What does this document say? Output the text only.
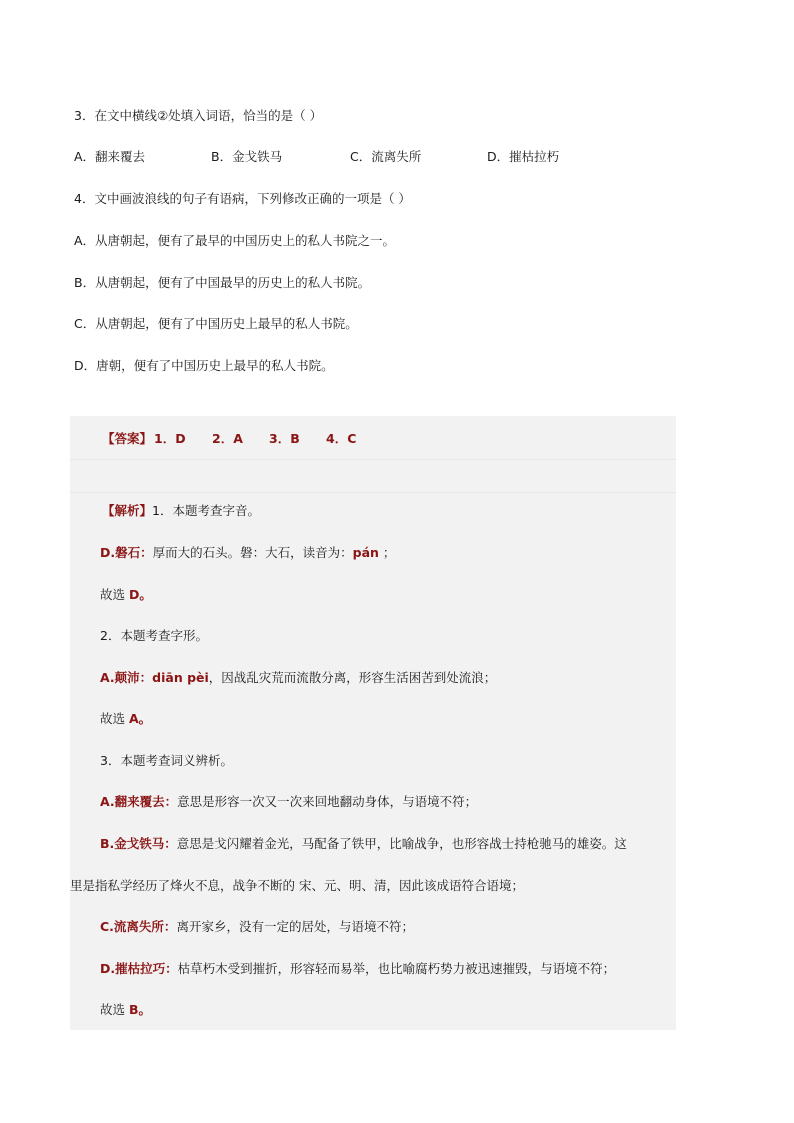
3．在文中横线②处填入词语，恰当的是（ ）
A．翻来覆去	B．金戈铁马	C．流离失所	D．摧枯拉朽
4．文中画波浪线的句子有语病，下列修改正确的一项是（ ）
A．从唐朝起，便有了最早的中国历史上的私人书院之一。
B．从唐朝起，便有了中国最早的历史上的私人书院。
C．从唐朝起，便有了中国历史上最早的私人书院。
D．唐朝，便有了中国历史上最早的私人书院。
【答案】 1．D 2．A 3．B 4．C
【解析】1．本题考查字音。
D.磐石：厚而大的石头。磐：大石，读音为：pán ；
故选 D。
2．本题考查字形。
A.颠沛：diān pèi，因战乱灾荒而流散分离，形容生活困苦到处流浪；
故选 A。
3．本题考查词义辨析。
A.翻来覆去：意思是形容一次又一次来回地翻动身体，与语境不符；
B.金戈铁马：意思是戈闪耀着金光，马配备了铁甲，比喻战争，也形容战士持枪驰马的雄姿。这
里是指私学经历了烽火不息，战争不断的 宋、元、明、清，因此该成语符合语境；
C.流离失所：离开家乡，没有一定的居处，与语境不符；
D.摧枯拉巧：枯草朽木受到摧折，形容轻而易举，也比喻腐朽势力被迅速摧毁，与语境不符；
故选 B。
